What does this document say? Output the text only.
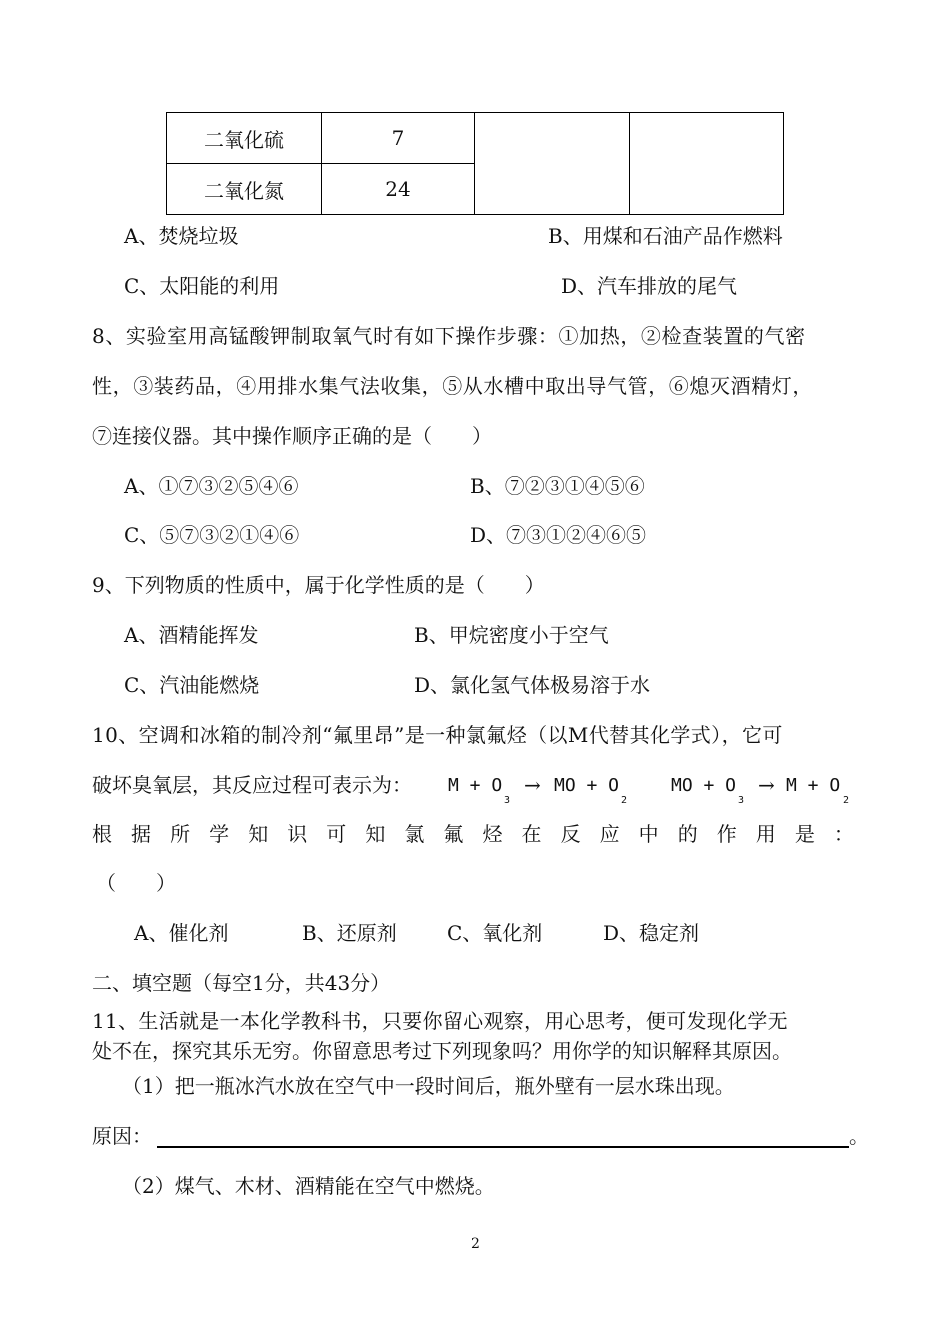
二氧化硫	7		
二氧化氮	24		
A、焚烧垃圾	B、用煤和石油产品作燃料
C、太阳能的利用	D、汽车排放的尾气
8、实验室用高锰酸钾制取氧气时有如下操作步骤：①加热，②检查装置的气密
性，③装药品，④用排水集气法收集，⑤从水槽中取出导气管，⑥熄灭酒精灯，
⑦连接仪器。其中操作顺序正确的是（　　）
A、①⑦③②⑤④⑥	B、⑦②③①④⑤⑥
C、⑤⑦③②①④⑥	D、⑦③①②④⑥⑤
9、下列物质的性质中，属于化学性质的是（　　）
A、酒精能挥发	B、甲烷密度小于空气
C、汽油能燃烧	D、氯化氢气体极易溶于水
10、空调和冰箱的制冷剂“氟里昂”是一种氯氟烃（以M代替其化学式），它可
破坏臭氧层，其反应过程可表示为： M + O
3
→ MO + O
2
MO + O
3
→ M + O
2
根 据 所 学 知 识 可 知 氯 氟 烃 在 反 应 中 的 作 用 是 ：
（　　）
A、催化剂	B、还原剂	C、氧化剂	D、稳定剂
二、填空题（每空1分，共43分）
11、生活就是一本化学教科书，只要你留心观察，用心思考，便可发现化学无
处不在，探究其乐无穷。你留意思考过下列现象吗？用你学的知识解释其原因。
（1）把一瓶冰汽水放在空气中一段时间后，瓶外壁有一层水珠出现。
原因：	。
（2）煤气、木材、酒精能在空气中燃烧。
2
